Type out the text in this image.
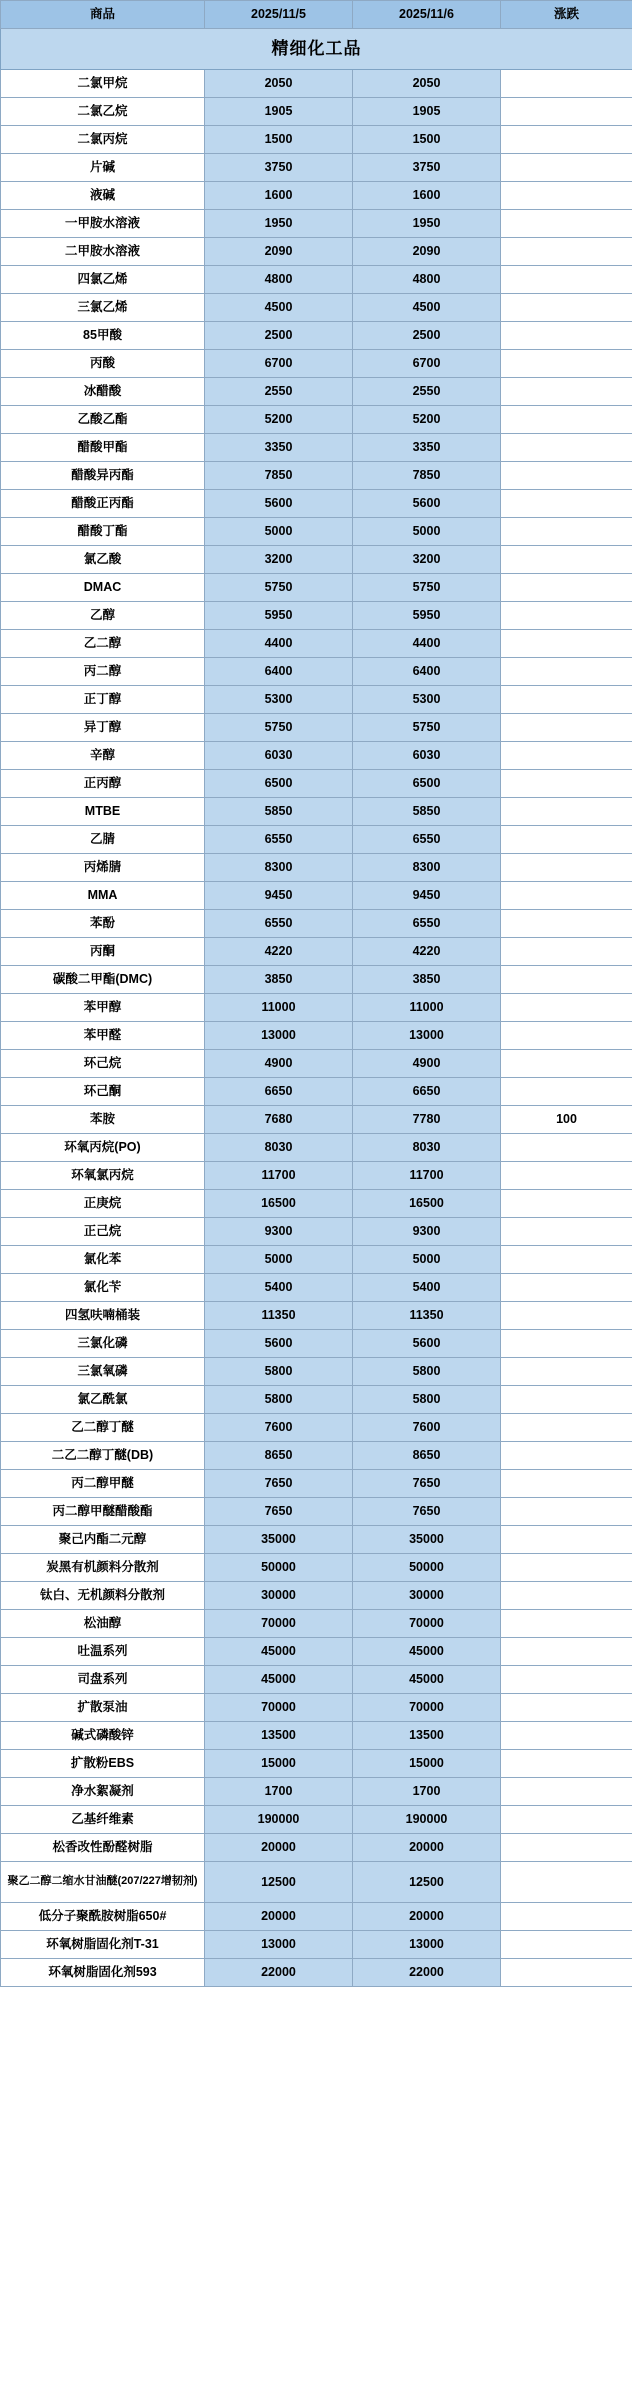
商品	2025/11/5	2025/11/6	涨跌
精细化工品			
二氯甲烷	2050	2050	
二氯乙烷	1905	1905	
二氯丙烷	1500	1500	
片碱	3750	3750	
液碱	1600	1600	
一甲胺水溶液	1950	1950	
二甲胺水溶液	2090	2090	
四氯乙烯	4800	4800	
三氯乙烯	4500	4500	
85甲酸	2500	2500	
丙酸	6700	6700	
冰醋酸	2550	2550	
乙酸乙酯	5200	5200	
醋酸甲酯	3350	3350	
醋酸异丙酯	7850	7850	
醋酸正丙酯	5600	5600	
醋酸丁酯	5000	5000	
氯乙酸	3200	3200	
DMAC	5750	5750	
乙醇	5950	5950	
乙二醇	4400	4400	
丙二醇	6400	6400	
正丁醇	5300	5300	
异丁醇	5750	5750	
辛醇	6030	6030	
正丙醇	6500	6500	
MTBE	5850	5850	
乙腈	6550	6550	
丙烯腈	8300	8300	
MMA	9450	9450	
苯酚	6550	6550	
丙酮	4220	4220	
碳酸二甲酯(DMC)	3850	3850	
苯甲醇	11000	11000	
苯甲醛	13000	13000	
环己烷	4900	4900	
环己酮	6650	6650	
苯胺	7680	7780	100
环氧丙烷(PO)	8030	8030	
环氧氯丙烷	11700	11700	
正庚烷	16500	16500	
正己烷	9300	9300	
氯化苯	5000	5000	
氯化苄	5400	5400	
四氢呋喃桶装	11350	11350	
三氯化磷	5600	5600	
三氯氧磷	5800	5800	
氯乙酰氯	5800	5800	
乙二醇丁醚	7600	7600	
二乙二醇丁醚(DB)	8650	8650	
丙二醇甲醚	7650	7650	
丙二醇甲醚醋酸酯	7650	7650	
聚己内酯二元醇	35000	35000	
炭黑有机颜料分散剂	50000	50000	
钛白、无机颜料分散剂	30000	30000	
松油醇	70000	70000	
吐温系列	45000	45000	
司盘系列	45000	45000	
扩散泵油	70000	70000	
碱式磷酸锌	13500	13500	
扩散粉EBS	15000	15000	
净水絮凝剂	1700	1700	
乙基纤维素	190000	190000	
松香改性酚醛树脂	20000	20000	
聚乙二醇二缩水甘油醚(207/227增韧剂)	12500	12500	
低分子聚酰胺树脂650#	20000	20000	
环氧树脂固化剂T-31	13000	13000	
环氧树脂固化剂593	22000	22000	
